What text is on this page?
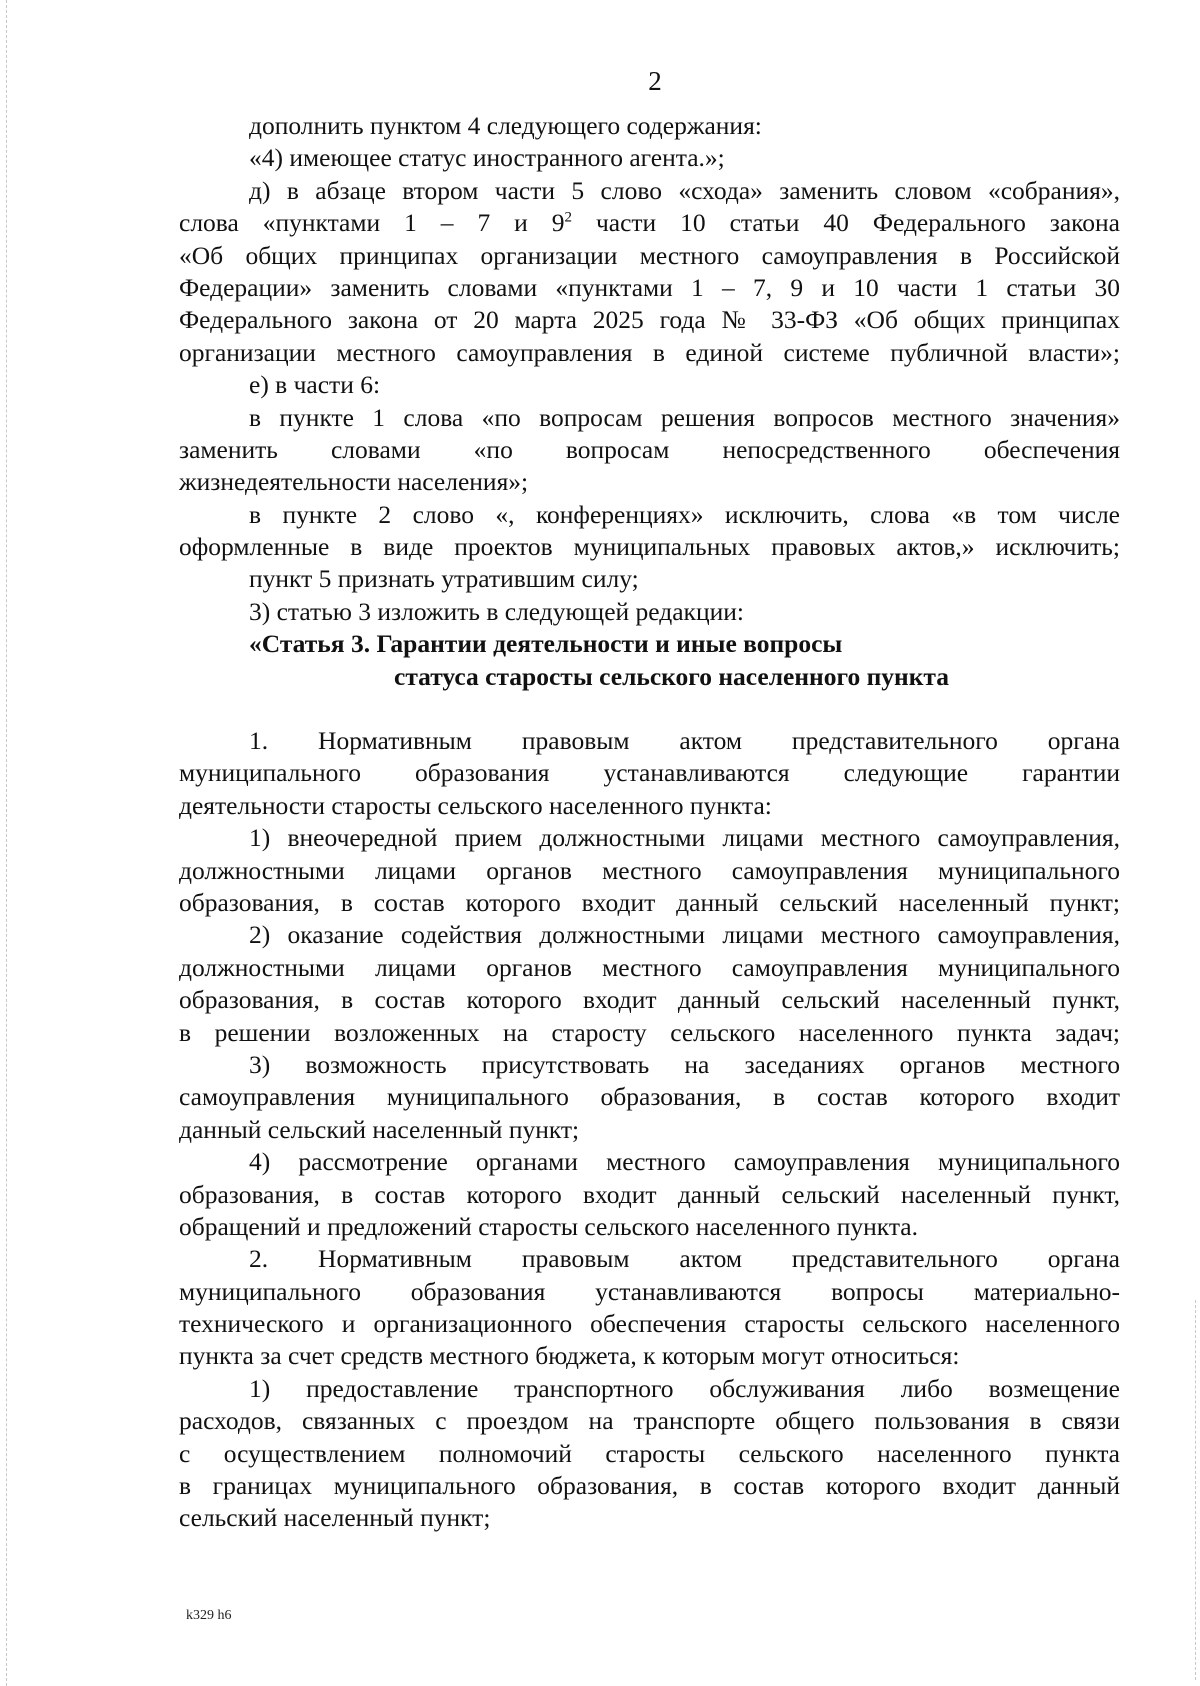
2
дополнить пунктом 4 следующего содержания:
«4) имеющее статус иностранного агента.»;
д) в абзаце втором части 5 слово «схода» заменить словом «собрания»,
слова «пунктами 1 – 7 и $9^2$ части 10 статьи 40 Федерального закона
«Об общих принципах организации местного самоуправления в Российской
Федерации» заменить словами «пунктами 1 – 7, 9 и 10 части 1 статьи 30
Федерального закона от 20 марта 2025 года № 33-ФЗ «Об общих принципах
организации местного самоуправления в единой системе публичной власти»;
е) в части 6:
в пункте 1 слова «по вопросам решения вопросов местного значения»
заменить словами «по вопросам непосредственного обеспечения
жизнедеятельности населения»;
в пункте 2 слово «, конференциях» исключить, слова «в том числе
оформленные в виде проектов муниципальных правовых актов,» исключить;
пункт 5 признать утратившим силу;
3) статью 3 изложить в следующей редакции:
«Статья 3. Гарантии деятельности и иные вопросы
статуса старосты сельского населенного пункта
1. Нормативным правовым актом представительного органа
муниципального образования устанавливаются следующие гарантии
деятельности старосты сельского населенного пункта:
1) внеочередной прием должностными лицами местного самоуправления,
должностными лицами органов местного самоуправления муниципального
образования, в состав которого входит данный сельский населенный пункт;
2) оказание содействия должностными лицами местного самоуправления,
должностными лицами органов местного самоуправления муниципального
образования, в состав которого входит данный сельский населенный пункт,
в решении возложенных на старосту сельского населенного пункта задач;
3) возможность присутствовать на заседаниях органов местного
самоуправления муниципального образования, в состав которого входит
данный сельский населенный пункт;
4) рассмотрение органами местного самоуправления муниципального
образования, в состав которого входит данный сельский населенный пункт,
обращений и предложений старосты сельского населенного пункта.
2. Нормативным правовым актом представительного органа
муниципального образования устанавливаются вопросы материально-
технического и организационного обеспечения старосты сельского населенного
пункта за счет средств местного бюджета, к которым могут относиться:
1) предоставление транспортного обслуживания либо возмещение
расходов, связанных с проездом на транспорте общего пользования в связи
с осуществлением полномочий старосты сельского населенного пункта
в границах муниципального образования, в состав которого входит данный
сельский населенный пункт;
k329 h6
